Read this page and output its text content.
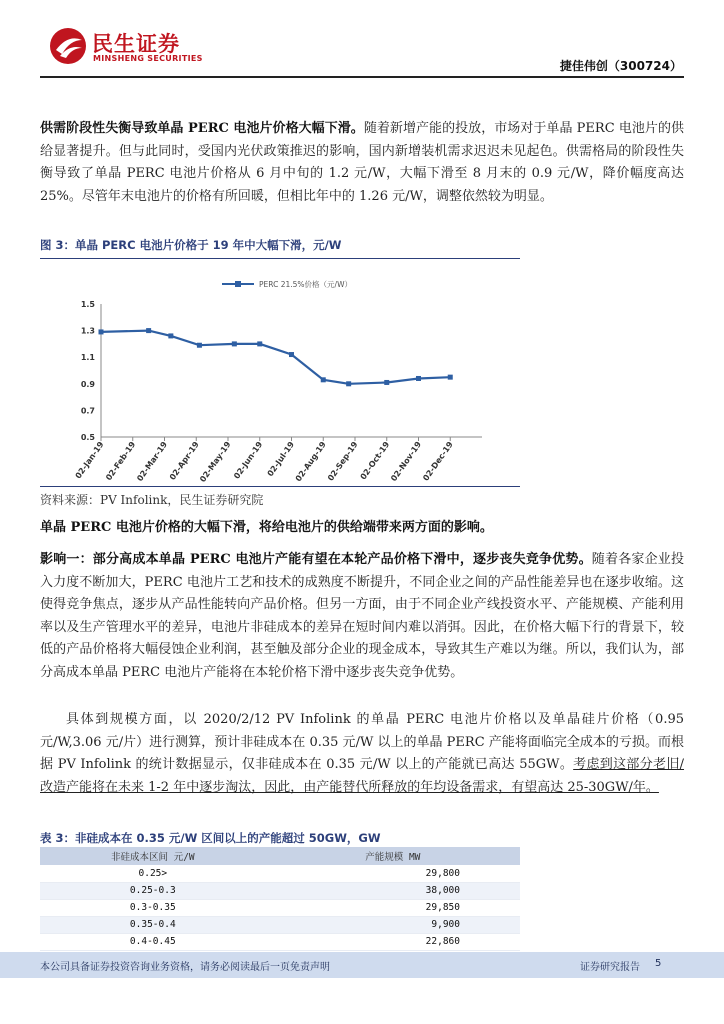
民生证券
MINSHENG SECURITIES
捷佳伟创（300724）
供需阶段性失衡导致单晶 PERC 电池片价格大幅下滑。随着新增产能的投放，市场对于单晶 PERC 电池片的供给显著提升。但与此同时，受国内光伏政策推迟的影响，国内新增装机需求迟迟未见起色。供需格局的阶段性失衡导致了单晶 PERC 电池片价格从 6 月中旬的 1.2 元/W，大幅下滑至 8 月末的 0.9 元/W，降价幅度高达 25%。尽管年末电池片的价格有所回暖，但相比年中的 1.26 元/W，调整依然较为明显。
图 3：单晶 PERC 电池片价格于 19 年中大幅下滑，元/W
PERC 21.5%价格（元/W）
0.5
0.7
0.9
1.1
1.3
1.5
02-Jan-19
02-Feb-19
02-Mar-19
02-Apr-19
02-May-19 02-Jun-19 02-Jul-19
02-Aug-19
02-Sep-19
02-Oct-19
02-Nov-19
02-Dec-19
资料来源：PV Infolink，民生证券研究院
单晶 PERC 电池片价格的大幅下滑，将给电池片的供给端带来两方面的影响。
影响一：部分高成本单晶 PERC 电池片产能有望在本轮产品价格下滑中，逐步丧失竞争优势。随着各家企业投入力度不断加大，PERC 电池片工艺和技术的成熟度不断提升，不同企业之间的产品性能差异也在逐步收缩。这使得竞争焦点，逐步从产品性能转向产品价格。但另一方面，由于不同企业产线投资水平、产能规模、产能利用率以及生产管理水平的差异，电池片非硅成本的差异在短时间内难以消弭。因此，在价格大幅下行的背景下，较低的产品价格将大幅侵蚀企业利润，甚至触及部分企业的现金成本，导致其生产难以为继。所以，我们认为，部分高成本单晶 PERC 电池片产能将在本轮价格下滑中逐步丧失竞争优势。
具体到规模方面，以 2020/2/12 PV Infolink 的单晶 PERC 电池片价格以及单晶硅片价格（0.95 元/W,3.06 元/片）进行测算，预计非硅成本在 0.35 元/W 以上的单晶 PERC 产能将面临完全成本的亏损。而根据 PV Infolink 的统计数据显示，仅非硅成本在 0.35 元/W 以上的产能就已高达 55GW。考虑到这部分老旧/改造产能将在未来 1-2 年中逐步淘汰，因此，由产能替代所释放的年均设备需求，有望高达 25-30GW/年。
表 3：非硅成本在 0.35 元/W 区间以上的产能超过 50GW，GW
非硅成本区间 元/W	产能规模 MW
0.25>	29,800
0.25-0.3	38,000
0.3-0.35	29,850
0.35-0.4	9,900
0.4-0.45	22,860
本公司具备证券投资咨询业务资格，请务必阅读最后一页免责声明	证券研究报告 5
